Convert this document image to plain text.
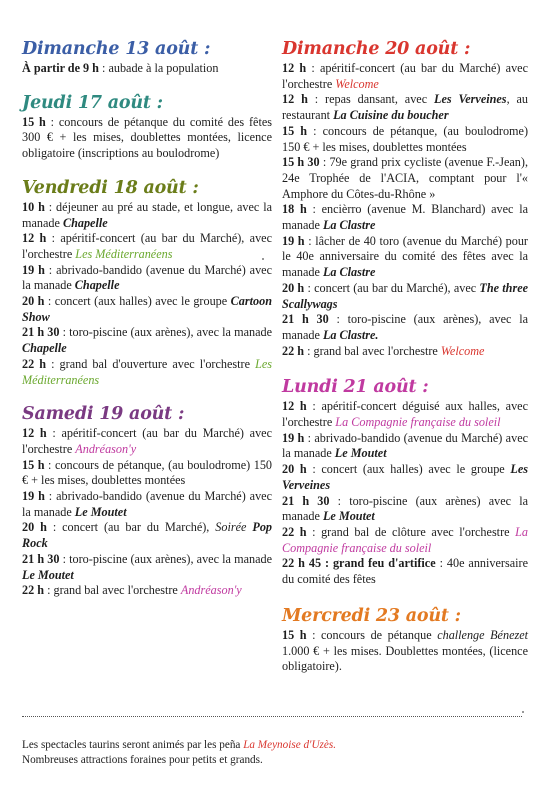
Dimanche 13 août :

À partir de 9 h : aubade à la population

Jeudi 17 août :

15 h : concours de pétanque du comité des fêtes 300 € + les mises, doublettes montées, licence obligatoire (inscriptions au boulodrome)

Vendredi 18 août :

10 h : déjeuner au pré au stade, et longue, avec la manade Chapelle

12 h : apéritif-concert (au bar du Marché), avec l'orchestre Les Méditerranéens

19 h : abrivado-bandido (avenue du Marché) avec la manade Chapelle

20 h : concert (aux halles) avec le groupe Cartoon Show

21 h 30 : toro-piscine (aux arènes), avec la manade Chapelle

22 h : grand bal d'ouverture avec l'orchestre Les Méditerranéens

Samedi 19 août :

12 h : apéritif-concert (au bar du Marché) avec l'orchestre Andréason'y

15 h : concours de pétanque, (au boulodrome) 150 € + les mises, doublettes montées

19 h : abrivado-bandido (avenue du Marché) avec la manade Le Moutet

20 h : concert (au bar du Marché), Soirée Pop Rock

21 h 30 : toro-piscine (aux arènes), avec la manade Le Moutet

22 h : grand bal avec l'orchestre Andréason'y

Dimanche 20 août :

12 h : apéritif-concert (au bar du Marché) avec l'orchestre Welcome

12 h : repas dansant, avec Les Verveines, au restaurant La Cuisine du boucher

15 h : concours de pétanque, (au boulodrome) 150 € + les mises, doublettes montées

15 h 30 : 79e grand prix cycliste (avenue F.-Jean), 24e Trophée de l'ACIA, comptant pour l'« Amphore du Côtes-du-Rhône »

18 h : encièrro (avenue M. Blanchard) avec la manade La Clastre

19 h : lâcher de 40 toro (avenue du Marché) pour le 40e anniversaire du comité des fêtes avec la manade La Clastre

20 h : concert (au bar du Marché), avec The three Scallywags

21 h 30 : toro-piscine (aux arènes), avec la manade La Clastre.

22 h : grand bal avec l'orchestre Welcome

Lundi 21 août :

12 h : apéritif-concert déguisé aux halles, avec l'orchestre La Compagnie française du soleil

19 h : abrivado-bandido (avenue du Marché) avec la manade Le Moutet

20 h : concert (aux halles) avec le groupe Les Verveines

21 h 30 : toro-piscine (aux arènes) avec la manade Le Moutet

22 h : grand bal de clôture avec l'orchestre La Compagnie française du soleil

22 h 45 : grand feu d'artifice : 40e anniversaire du comité des fêtes

Mercredi 23 août :

15 h : concours de pétanque challenge Bénezet 1.000 € + les mises. Doublettes montées, (licence obligatoire).

Les spectacles taurins seront animés par les peña La Meynoise d'Uzès.
Nombreuses attractions foraines pour petits et grands.
